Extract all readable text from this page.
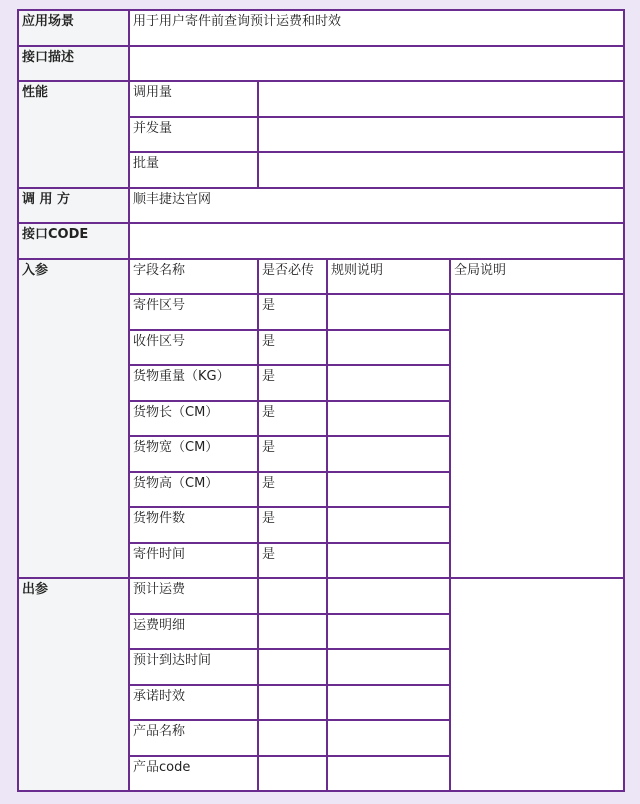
应用场景	用于用户寄件前查询预计运费和时效			
接口描述				
性能	调用量			
	并发量			
	批量			
调 用 方	顺丰捷达官网			
接口CODE				
入参	字段名称	是否必传	规则说明	全局说明
	寄件区号	是		
	收件区号	是		
	货物重量（KG）	是		
	货物长（CM）	是		
	货物宽（CM）	是		
	货物高（CM）	是		
	货物件数	是		
	寄件时间	是		
出参	预计运费			
	运费明细			
	预计到达时间			
	承诺时效			
	产品名称			
	产品code			
